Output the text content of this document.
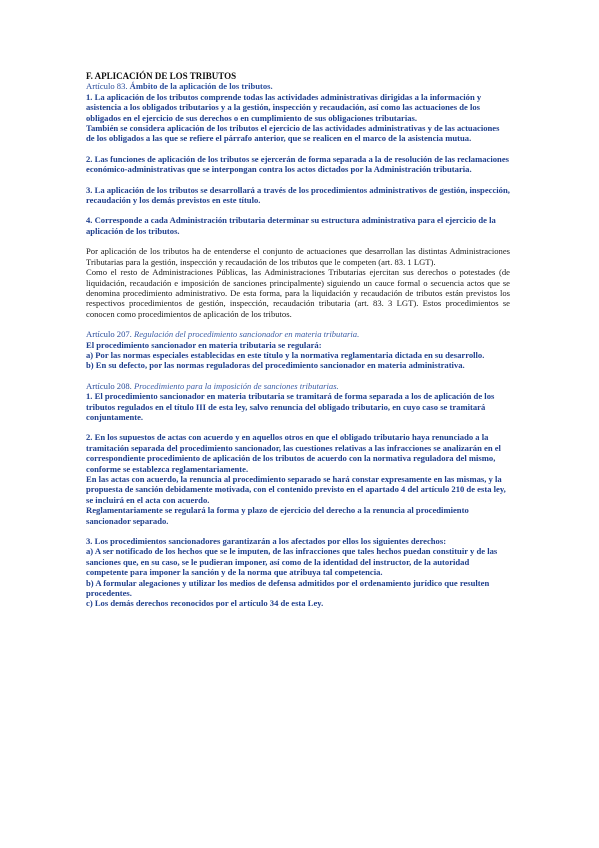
F. APLICACIÓN DE LOS TRIBUTOS

Artículo 83. Ámbito de la aplicación de los tributos.

1. La aplicación de los tributos comprende todas las actividades administrativas dirigidas a la información y asistencia a los obligados tributarios y a la gestión, inspección y recaudación, así como las actuaciones de los obligados en el ejercicio de sus derechos o en cumplimiento de sus obligaciones tributarias.

También se considera aplicación de los tributos el ejercicio de las actividades administrativas y de las actuaciones de los obligados a las que se refiere el párrafo anterior, que se realicen en el marco de la asistencia mutua.

2. Las funciones de aplicación de los tributos se ejercerán de forma separada a la de resolución de las reclamaciones económico-administrativas que se interpongan contra los actos dictados por la Administración tributaria.

3. La aplicación de los tributos se desarrollará a través de los procedimientos administrativos de gestión, inspección, recaudación y los demás previstos en este título.

4. Corresponde a cada Administración tributaria determinar su estructura administrativa para el ejercicio de la aplicación de los tributos.

Por aplicación de los tributos ha de entenderse el conjunto de actuaciones que desarrollan las distintas Administraciones Tributarias para la gestión, inspección y recaudación de los tributos que le competen (art. 83. 1 LGT).

Como el resto de Administraciones Públicas, las Administraciones Tributarias ejercitan sus derechos o potestades (de liquidación, recaudación e imposición de sanciones principalmente) siguiendo un cauce formal o secuencia actos que se denomina procedimiento administrativo. De esta forma, para la liquidación y recaudación de tributos están previstos los respectivos procedimientos de gestión, inspección, recaudación tributaria (art. 83. 3 LGT). Estos procedimientos se conocen como procedimientos de aplicación de los tributos.

Artículo 207. Regulación del procedimiento sancionador en materia tributaria.

El procedimiento sancionador en materia tributaria se regulará:

a) Por las normas especiales establecidas en este título y la normativa reglamentaria dictada en su desarrollo.

b) En su defecto, por las normas reguladoras del procedimiento sancionador en materia administrativa.

Artículo 208. Procedimiento para la imposición de sanciones tributarias.

1. El procedimiento sancionador en materia tributaria se tramitará de forma separada a los de aplicación de los tributos regulados en el título III de esta ley, salvo renuncia del obligado tributario, en cuyo caso se tramitará conjuntamente.

2. En los supuestos de actas con acuerdo y en aquellos otros en que el obligado tributario haya renunciado a la tramitación separada del procedimiento sancionador, las cuestiones relativas a las infracciones se analizarán en el correspondiente procedimiento de aplicación de los tributos de acuerdo con la normativa reguladora del mismo, conforme se establezca reglamentariamente.

En las actas con acuerdo, la renuncia al procedimiento separado se hará constar expresamente en las mismas, y la propuesta de sanción debidamente motivada, con el contenido previsto en el apartado 4 del artículo 210 de esta ley, se incluirá en el acta con acuerdo.

Reglamentariamente se regulará la forma y plazo de ejercicio del derecho a la renuncia al procedimiento sancionador separado.

3. Los procedimientos sancionadores garantizarán a los afectados por ellos los siguientes derechos:

a) A ser notificado de los hechos que se le imputen, de las infracciones que tales hechos puedan constituir y de las sanciones que, en su caso, se le pudieran imponer, así como de la identidad del instructor, de la autoridad competente para imponer la sanción y de la norma que atribuya tal competencia.

b) A formular alegaciones y utilizar los medios de defensa admitidos por el ordenamiento jurídico que resulten procedentes.

c) Los demás derechos reconocidos por el artículo 34 de esta Ley.
